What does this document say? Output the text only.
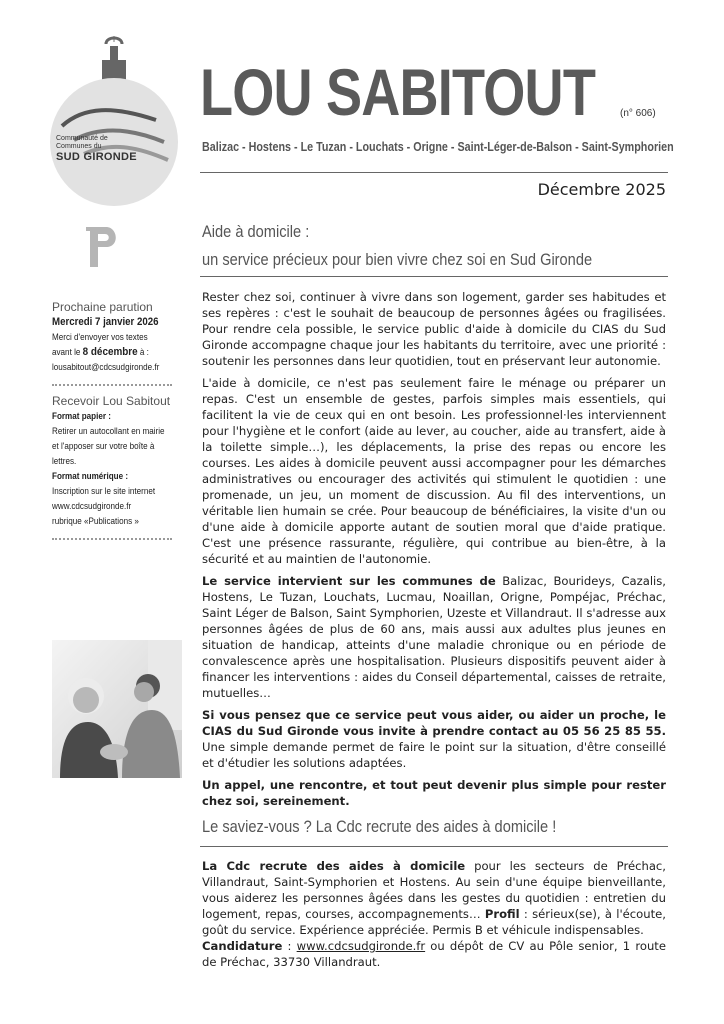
Communauté de
Communes du
SUD GIRONDE
LOU SABITOUT (n° 606)
Balizac - Hostens - Le Tuzan - Louchats - Origne - Saint-Léger-de-Balson - Saint-Symphorien
Décembre 2025
Prochaine parution
Mercredi 7 janvier 2026
Merci d'envoyer vos textes
avant le 8 décembre à :
lousabitout@cdcsudgironde.fr
Recevoir Lou Sabitout
Format papier :
Retirer un autocollant en mairie
et l'apposer sur votre boîte à
lettres.
Format numérique :
Inscription sur le site internet
www.cdcsudgironde.fr
rubrique «Publications »
Aide à domicile :
un service précieux pour bien vivre chez soi en Sud Gironde

Rester chez soi, continuer à vivre dans son logement, garder ses habitudes et ses repères : c'est le souhait de beaucoup de personnes âgées ou fragilisées. Pour rendre cela possible, le service public d'aide à domicile du CIAS du Sud Gironde accompagne chaque jour les habitants du territoire, avec une priorité : soutenir les personnes dans leur quotidien, tout en préservant leur autonomie.

L'aide à domicile, ce n'est pas seulement faire le ménage ou préparer un repas. C'est un ensemble de gestes, parfois simples mais essentiels, qui facilitent la vie de ceux qui en ont besoin. Les professionnel·les interviennent pour l'hygiène et le confort (aide au lever, au coucher, aide au transfert, aide à la toilette simple…), les déplacements, la prise des repas ou encore les courses. Les aides à domicile peuvent aussi accompagner pour les démarches administratives ou encourager des activités qui stimulent le quotidien : une promenade, un jeu, un moment de discussion. Au fil des interventions, un véritable lien humain se crée. Pour beaucoup de bénéficiaires, la visite d'un ou d'une aide à domicile apporte autant de soutien moral que d'aide pratique. C'est une présence rassurante, régulière, qui contribue au bien-être, à la sécurité et au maintien de l'autonomie.

Le service intervient sur les communes de Balizac, Bourideys, Cazalis, Hostens, Le Tuzan, Louchats, Lucmau, Noaillan, Origne, Pompéjac, Préchac, Saint Léger de Balson, Saint Symphorien, Uzeste et Villandraut. Il s'adresse aux personnes âgées de plus de 60 ans, mais aussi aux adultes plus jeunes en situation de handicap, atteints d'une maladie chronique ou en période de convalescence après une hospitalisation. Plusieurs dispositifs peuvent aider à financer les interventions : aides du Conseil départemental, caisses de retraite, mutuelles…

Si vous pensez que ce service peut vous aider, ou aider un proche, le CIAS du Sud Gironde vous invite à prendre contact au 05 56 25 85 55. Une simple demande permet de faire le point sur la situation, d'être conseillé et d'étudier les solutions adaptées.

Un appel, une rencontre, et tout peut devenir plus simple pour rester chez soi, sereinement.

Le saviez-vous ? La Cdc recrute des aides à domicile !

La Cdc recrute des aides à domicile pour les secteurs de Préchac, Villandraut, Saint-Symphorien et Hostens. Au sein d'une équipe bienveillante, vous aiderez les personnes âgées dans les gestes du quotidien : entretien du logement, repas, courses, accompagnements… Profil : sérieux(se), à l'écoute, goût du service. Expérience appréciée. Permis B et véhicule indispensables.

Candidature : www.cdcsudgironde.fr ou dépôt de CV au Pôle senior, 1 route de Préchac, 33730 Villandraut.
